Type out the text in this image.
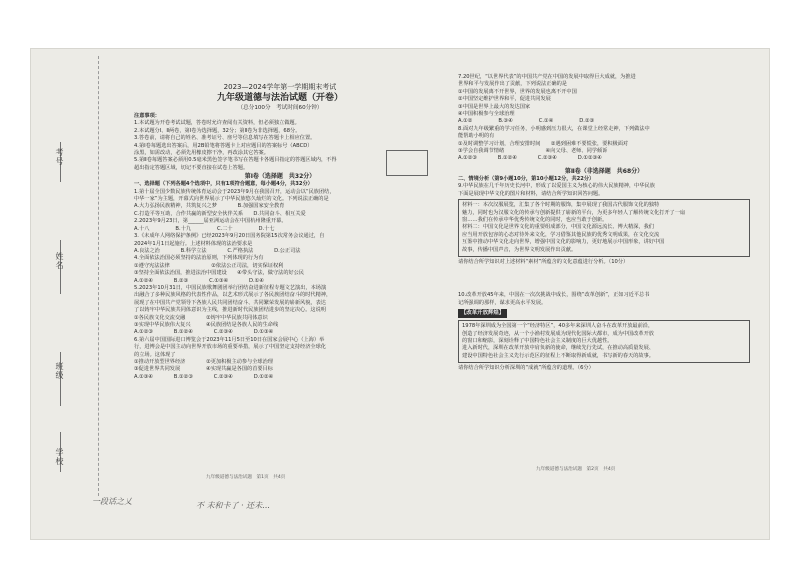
考号
姓名
班级
学校

2023—2024学年第一学期期末考试

九年级道德与法治试题（开卷）

（总分100分　考试时间60分钟）

注意事项：

1.本试题为开卷考试试题，答卷时允许查阅有关资料，但必须独立做题。

2.本试题分Ⅰ、Ⅱ两卷，第Ⅰ卷为选择题，32分；第Ⅱ卷为非选择题，68分。

3.答卷前，请将自己的姓名、准考证号、座号等信息填写在答题卡上相应位置。

4.第Ⅰ卷每题选出答案后，用2B铅笔将答题卡上对应题目的答案标号（ABCD）

涂黑，如需改动，必须先用橡皮擦干净，再改涂其它答案。

5.第Ⅱ卷每题答案必须用0.5毫米黑色签字笔书写在答题卡各题目指定的答题区域内，不得

超出指定答题区域，切记不要直接在试卷上答题。

第Ⅰ卷（选择题　共32分）

一、选择题（下列各题4个选项中，只有1项符合题意，每小题4分，共32分）

1.第十届全国少数民族传统体育运动会于2023年9月在我国召开，运动会以“民族团结，

中华一家”为主题，开幕式向世界展示了中华民族悠久灿烂的文化。下列说法正确的是

A.大力弘扬民族精神，共筑复兴之梦　　　　B.加强国家安全教育

C.打造平等互助，合作共赢的新型安全伙伴关系　　D.共同奋斗、相互关爱

2.2023年9月23日，第______届亚洲运动会在中国杭州隆重开幕。

A.十八　　　　　B.十九　　　　　C.二十　　　　　D.十七

3.《未成年人网络保护条例》已经2023年9月20日国务院第15次常务会议通过，自

2024年1月1日起施行。上述材料体现的法治要求是

A.良法之治　　　　B.科学立法　　　　C.严格执法　　　　D.公正司法

4.全面依法治国必须坚持的法治原则，下列体现的行为有

①遵守宪法法律　　　　　　　　②依法公正司法，切实保证权利

③坚持全面依法治国，推进法治中国建设　　④带头守法，做守法的好公民

A.①②④　　　　B.②③　　　　C.①③④　　　　D.①④

5.2023年10月31日，中国民族歌舞剧团举行团结奋进新征程专题文艺演出，本场演

出融合了多种民族风格的代表性作品，以艺术形式展示了各民族团结奋斗的时代精神，

展现了在中国共产党领导下各族人民共同团结奋斗、共同繁荣发展的崭新风貌，表达

了以铸牢中华民族共同体意识为主线，推进新时代民族团结进步的坚定决心。这说明

①各民族文化交流交融　　　　②铸牢中华民族共同体意识

③实现中华民族伟大复兴　　　④民族团结是各族人民的生命线

A.①②③　　　　B.①②④　　　　C.②③④　　　　D.①③④

6.第六届中国国际进口博览会于2023年11月5日至10日在国家会展中心（上海）举

行，进博会是中国主动向世界开放市场的重要举措，展示了中国坚定支持经济全球化

的立场。这体现了

①推动开放型世界经济　　　　②更加积极主动参与全球治理

③促进世界共同发展　　　　　④实现共赢是各国的首要目标

A.①③④　　　　B.①②③　　　　C.②③④　　　　D.①②④

九年级道德与法治试题　第1页　共4页

7.20世纪，“以世界代表”的中国共产党在中国的发展中取得巨大成就，为推进

世界和平与发展作出了贡献，下列说法正确的是

①中国的发展离不开世界，世界的发展也离不开中国

②中国坚定维护世界和平，促进共同发展

③中国是世界上最大的发达国家

④中国积极参与全球治理

A.①②　　　　　B.③④　　　　　C.①④　　　　　D.②③

8.面对九年级繁重的学习任务，小明感到压力很大，在课堂上经常走神，下列做法中

能帮助小明的有

①及时调整学习计划，合理安排时间　　②遇到困难不要慌张，要积极面对

③学会自我调节情绪　　　　　　　　④向父母、老师、同学倾诉

A.①②③　　　　B.①②④　　　　C.②③④　　　　D.①②③④

第Ⅱ卷（非选择题　共68分）

二、情境分析（第9小题10分，第10小题12分，共22分）

9.中华民族在几千年历史长河中，形成了以爱国主义为核心的伟大民族精神，中华民族

下面是展现中华文化的图片和材料，请结合所学知识回答问题。

材料一：本次汉服展览，汇集了各个时期的服饰，集中展现了我国古代服饰文化的独特

魅力，同时也为汉服文化的传承与创新提供了崭新的平台，为更多年轻人了解传统文化打开了一扇

窗……我们在传承中华优秀传统文化的同时，也应当敢于创新。

材料二：中国文化是世界文化的重要组成部分，中国文化源远流长、博大精深，我们

应当用开放包容的心态对待外来文化，学习借鉴其他民族的优秀文明成果，在文化交流

互鉴中推动中华文化走向世界，增强中国文化的影响力，更好地展示中国形象，讲好中国

故事，传播中国声音，为世界文明发展作出贡献。

请你结合所学知识对上述材料“素材”所蕴含的文化意蕴进行分析。（10分）

10.改革开放45年来，中国在一次次挑战中成长，围绕“改革创新”，正如习近平总书

记所强调的那样，谋求更高水平发展。

【改革开放辉煌】

1978年深圳成为全国第一个“经济特区”，40多年来深圳人奋斗在改革开放最前沿，

创造了经济发展奇迹，从一个小渔村发展成为现代化国际大都市，成为中国改革开放

的窗口和缩影，深刻诠释了中国特色社会主义制度的巨大优越性。

进入新时代，深圳在改革开放中肩负新的使命，继续先行先试，在推动高质量发展、

建设中国特色社会主义先行示范区的征程上不断取得新成就，书写新的春天的故事。

请你结合所学知识分析深圳的“成就”所蕴含的道理。（6分）

九年级道德与法治试题　第2页　共4页
一段话之乂	不 未和卡了 · 还未...
